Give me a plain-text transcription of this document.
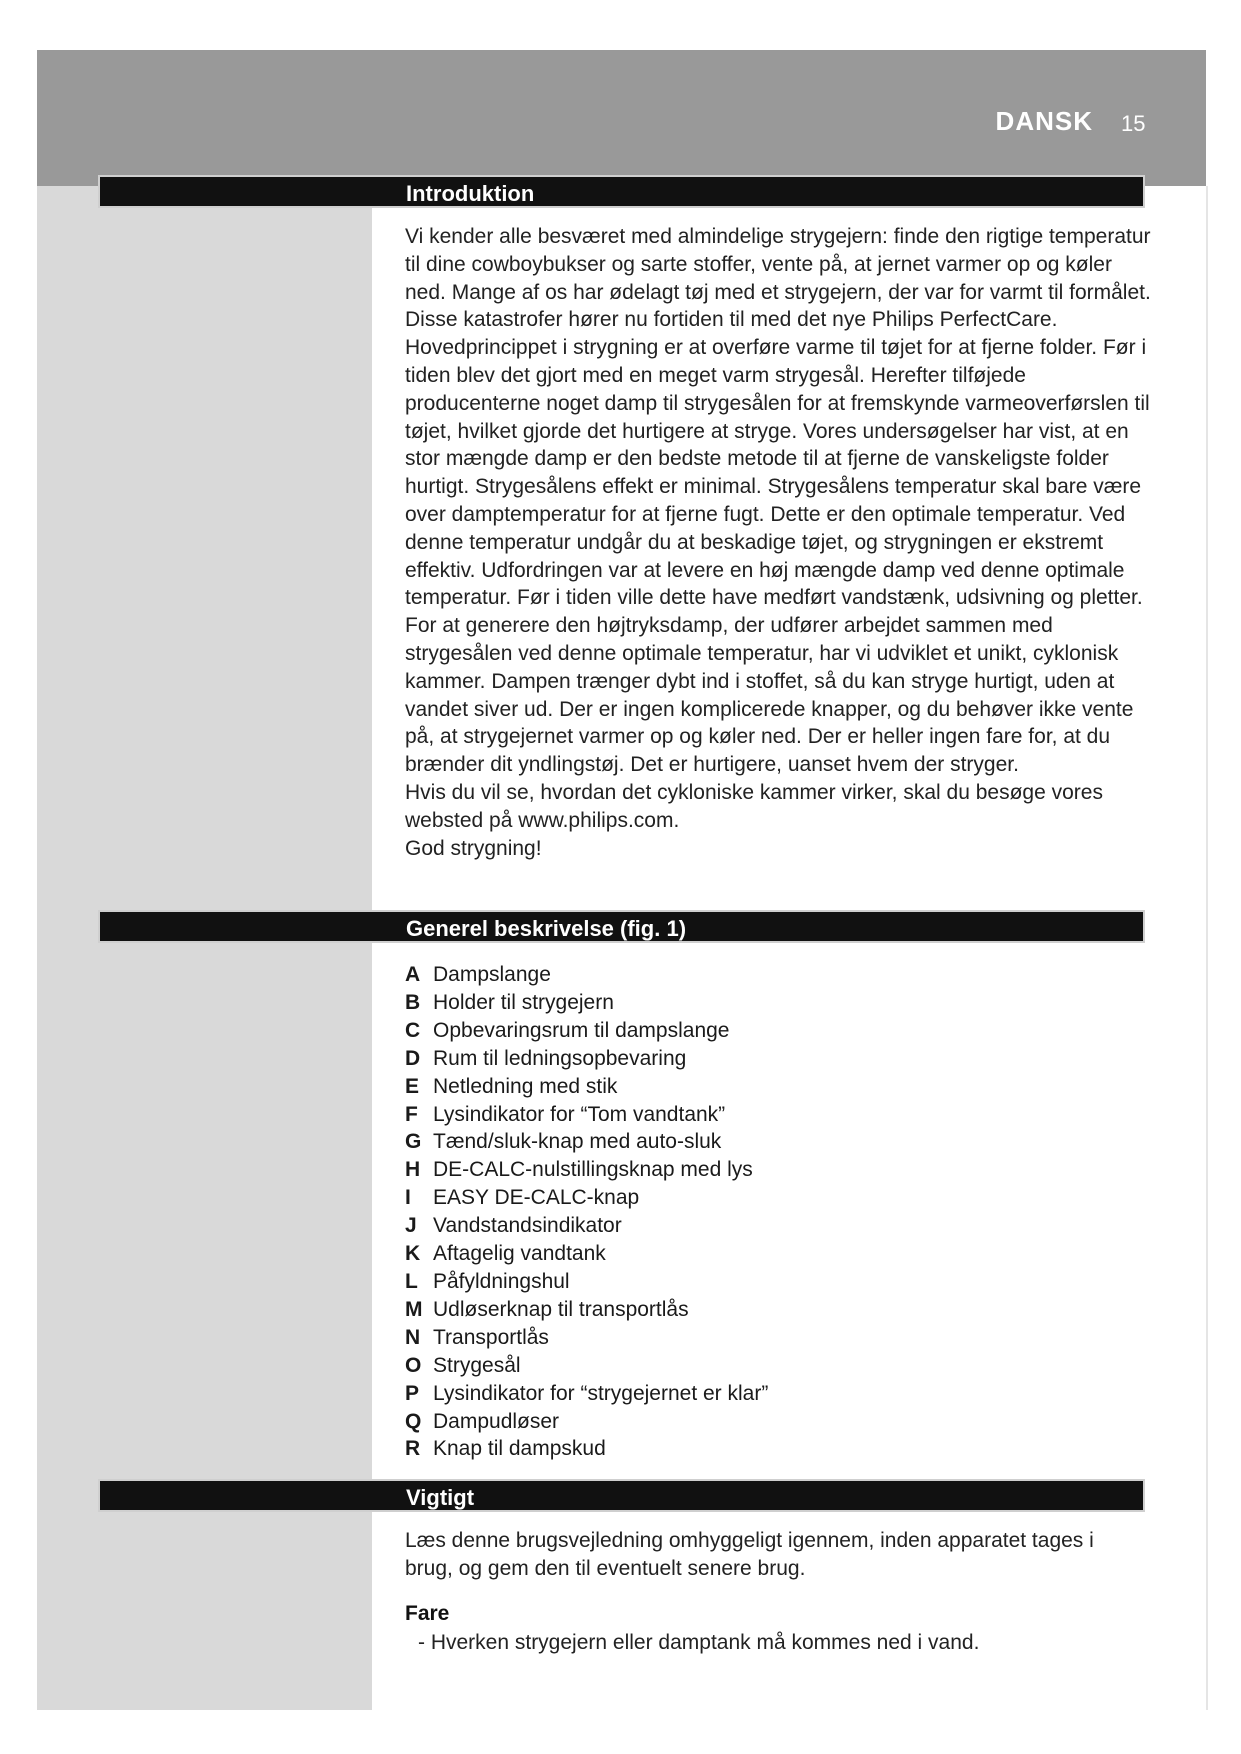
DANSK 15
Introduktion

Vi kender alle besværet med almindelige strygejern: finde den rigtige temperatur til dine cowboybukser og sarte stoffer, vente på, at jernet varmer op og køler ned. Mange af os har ødelagt tøj med et strygejern, der var for varmt til formålet. Disse katastrofer hører nu fortiden til med det nye Philips PerfectCare.

Hovedprincippet i strygning er at overføre varme til tøjet for at fjerne folder. Før i tiden blev det gjort med en meget varm strygesål. Herefter tilføjede producenterne noget damp til strygesålen for at fremskynde varmeoverførslen til tøjet, hvilket gjorde det hurtigere at stryge. Vores undersøgelser har vist, at en stor mængde damp er den bedste metode til at fjerne de vanskeligste folder hurtigt. Strygesålens effekt er minimal. Strygesålens temperatur skal bare være over damptemperatur for at fjerne fugt. Dette er den optimale temperatur. Ved denne temperatur undgår du at beskadige tøjet, og strygningen er ekstremt effektiv. Udfordringen var at levere en høj mængde damp ved denne optimale temperatur. Før i tiden ville dette have medført vandstænk, udsivning og pletter. For at generere den højtryksdamp, der udfører arbejdet sammen med strygesålen ved denne optimale temperatur, har vi udviklet et unikt, cyklonisk kammer. Dampen trænger dybt ind i stoffet, så du kan stryge hurtigt, uden at vandet siver ud. Der er ingen komplicerede knapper, og du behøver ikke vente på, at strygejernet varmer op og køler ned. Der er heller ingen fare for, at du brænder dit yndlingstøj. Det er hurtigere, uanset hvem der stryger.

Hvis du vil se, hvordan det cykloniske kammer virker, skal du besøge vores websted på www.philips.com.

God strygning!

Generel beskrivelse (fig. 1)
A Dampslange
B Holder til strygejern
C Opbevaringsrum til dampslange
D Rum til ledningsopbevaring
E Netledning med stik
F Lysindikator for “Tom vandtank”
G Tænd/sluk-knap med auto-sluk
H DE-CALC-nulstillingsknap med lys
I EASY DE-CALC-knap
J Vandstandsindikator
K Aftagelig vandtank
L Påfyldningshul
M Udløserknap til transportlås
N Transportlås
O Strygesål
P Lysindikator for “strygejernet er klar”
Q Dampudløser
R Knap til dampskud
Vigtigt

Læs denne brugsvejledning omhyggeligt igennem, inden apparatet tages i brug, og gem den til eventuelt senere brug.

Fare
- Hverken strygejern eller damptank må kommes ned i vand.
